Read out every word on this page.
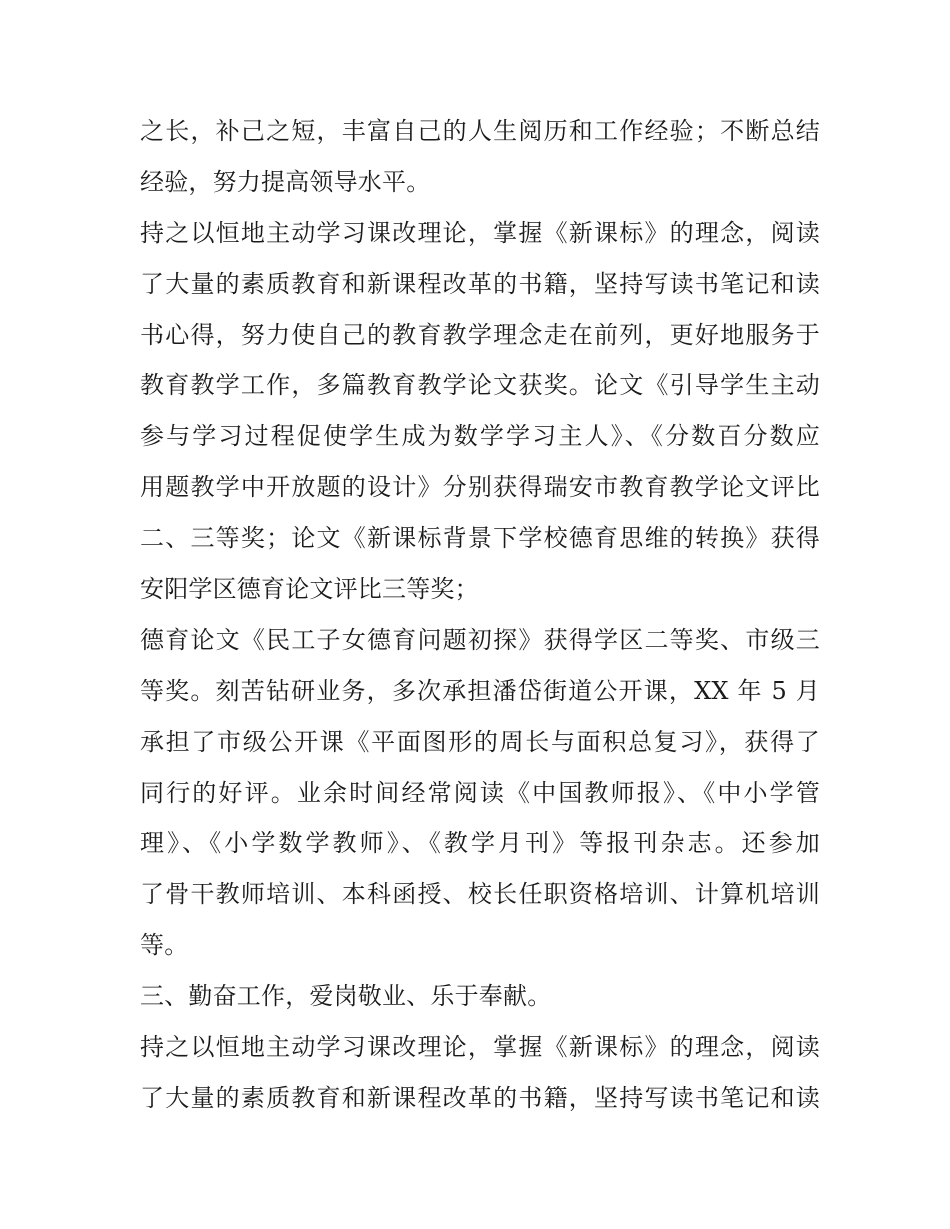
之长，补己之短，丰富自己的人生阅历和工作经验；不断总结
经验，努力提高领导水平。
持之以恒地主动学习课改理论，掌握《新课标》的理念，阅读
了大量的素质教育和新课程改革的书籍，坚持写读书笔记和读
书心得，努力使自己的教育教学理念走在前列，更好地服务于
教育教学工作，多篇教育教学论文获奖。论文《引导学生主动
参与学习过程促使学生成为数学学习主人》、《分数百分数应
用题教学中开放题的设计》分别获得瑞安市教育教学论文评比
二、三等奖；论文《新课标背景下学校德育思维的转换》获得
安阳学区德育论文评比三等奖；
德育论文《民工子女德育问题初探》获得学区二等奖、市级三
等奖。刻苦钻研业务，多次承担潘岱街道公开课，XX 年 5 月
承担了市级公开课《平面图形的周长与面积总复习》，获得了
同行的好评。业余时间经常阅读《中国教师报》、《中小学管
理》、《小学数学教师》、《教学月刊》等报刊杂志。还参加
了骨干教师培训、本科函授、校长任职资格培训、计算机培训
等。
三、勤奋工作，爱岗敬业、乐于奉献。
持之以恒地主动学习课改理论，掌握《新课标》的理念，阅读
了大量的素质教育和新课程改革的书籍，坚持写读书笔记和读
